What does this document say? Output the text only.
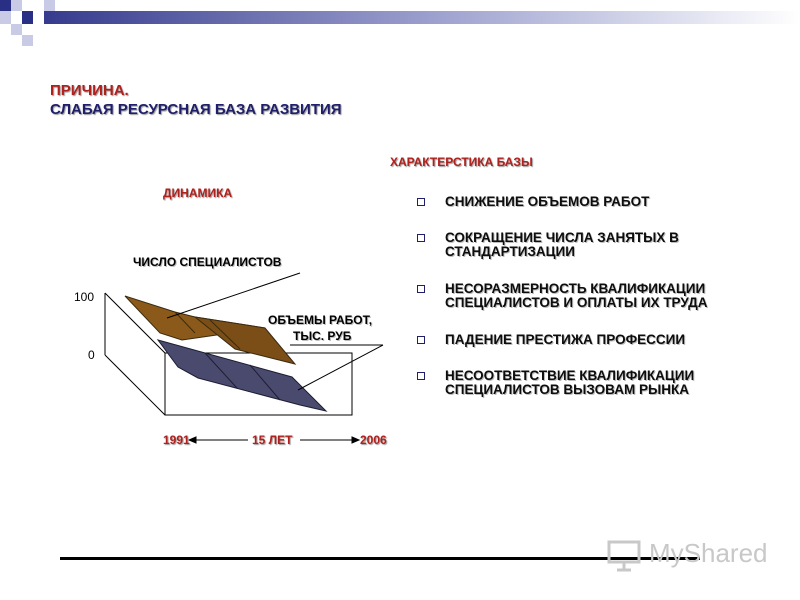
ПРИЧИНА.
СЛАБАЯ РЕСУРСНАЯ БАЗА РАЗВИТИЯ
ДИНАМИКА
ХАРАКТЕРСТИКА БАЗЫ
100
0
ЧИСЛО СПЕЦИАЛИСТОВ
ОБЪЕМЫ РАБОТ,
ТЫС. РУБ
1991	15 ЛЕТ	2006
СНИЖЕНИЕ ОБЪЕМОВ РАБОТ
СОКРАЩЕНИЕ ЧИСЛА ЗАНЯТЫХ В СТАНДАРТИЗАЦИИ
НЕСОРАЗМЕРНОСТЬ КВАЛИФИКАЦИИ СПЕЦИАЛИСТОВ И ОПЛАТЫ ИХ ТРУДА
ПАДЕНИЕ ПРЕСТИЖА ПРОФЕССИИ
НЕСООТВЕТСТВИЕ КВАЛИФИКАЦИИ СПЕЦИАЛИСТОВ ВЫЗОВАМ РЫНКА
MyShared
